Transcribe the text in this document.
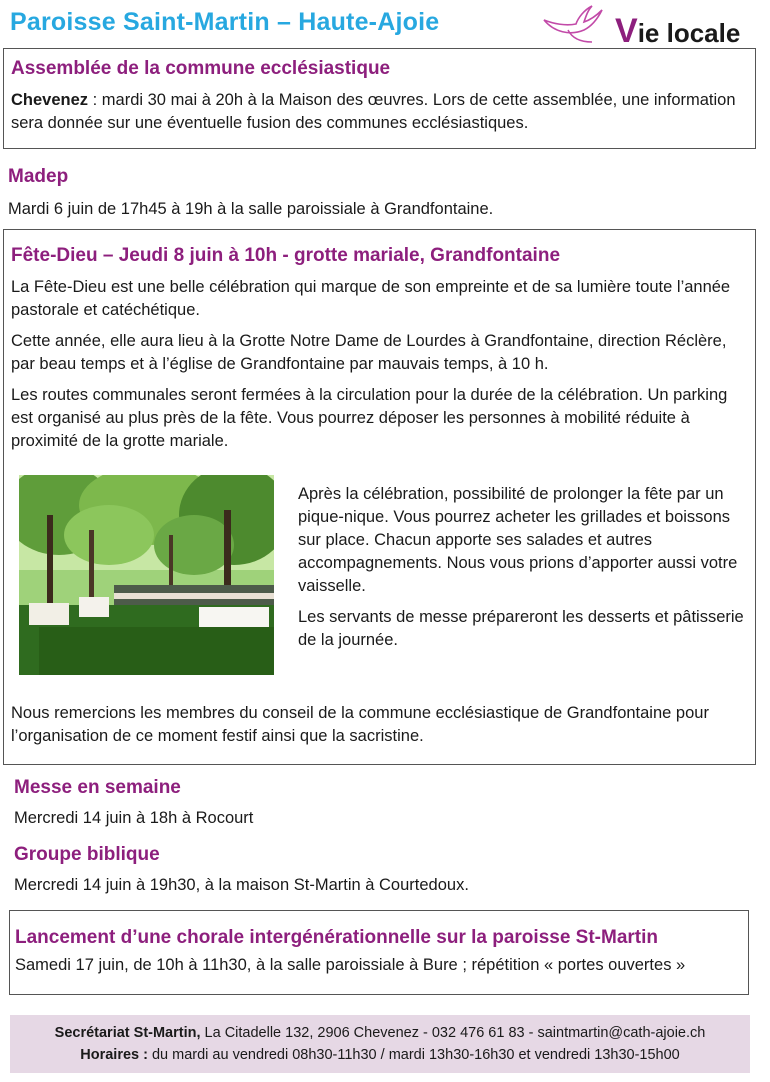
Paroisse Saint-Martin – Haute-Ajoie	Vie locale
Assemblée de la commune ecclésiastique

Chevenez : mardi 30 mai à 20h à la Maison des œuvres. Lors de cette assemblée, une information sera donnée sur une éventuelle fusion des communes ecclésiastiques.

Madep

Mardi 6 juin de 17h45 à 19h à la salle paroissiale à Grandfontaine.

Fête-Dieu – Jeudi 8 juin à 10h - grotte mariale, Grandfontaine

La Fête-Dieu est une belle célébration qui marque de son empreinte et de sa lumière toute l’année pastorale et catéchétique.

Cette année, elle aura lieu à la Grotte Notre Dame de Lourdes à Grandfontaine, direction Réclère, par beau temps et à l’église de Grandfontaine par mauvais temps, à 10 h.

Les routes communales seront fermées à la circulation pour la durée de la célébration. Un parking est organisé au plus près de la fête. Vous pourrez déposer les personnes à mobilité réduite à proximité de la grotte mariale.

Après la célébration, possibilité de prolonger la fête par un pique-nique. Vous pourrez acheter les grillades et boissons sur place. Chacun apporte ses salades et autres accompagnements. Nous vous prions d’apporter aussi votre vaisselle.

Les servants de messe prépareront les desserts et pâtisserie de la journée.

Nous remercions les membres du conseil de la commune ecclésiastique de Grandfontaine pour l’organisation de ce moment festif ainsi que la sacristine.

Messe en semaine

Mercredi 14 juin à 18h à Rocourt

Groupe biblique

Mercredi 14 juin à 19h30, à la maison St-Martin à Courtedoux.

Lancement d’une chorale intergénérationnelle sur la paroisse St-Martin

Samedi 17 juin, de 10h à 11h30, à la salle paroissiale à Bure ; répétition « portes ouvertes »

Secrétariat St-Martin, La Citadelle 132, 2906 Chevenez - 032 476 61 83 - saintmartin@cath-ajoie.ch

Horaires : du mardi au vendredi 08h30-11h30 / mardi 13h30-16h30 et vendredi 13h30-15h00
